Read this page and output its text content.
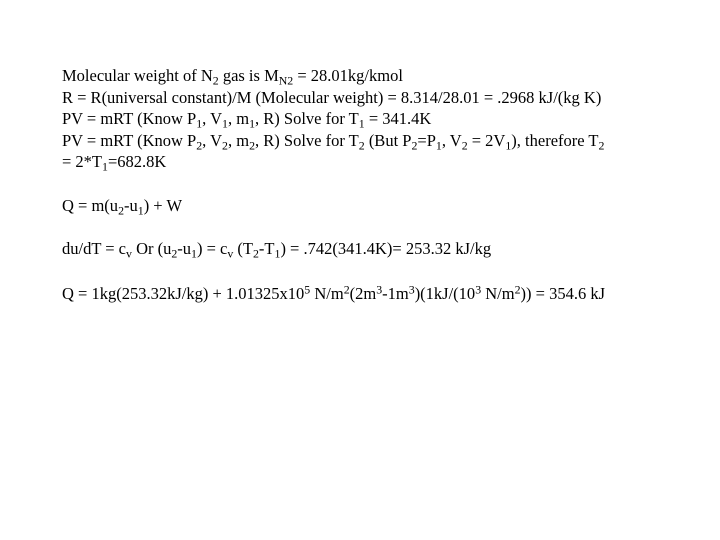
Molecular weight of $N_2$ gas is $M_{N2}$ = 28.01kg/kmol
R = R(universal constant)/M (Molecular weight) = 8.314/28.01 = .2968 kJ/(kg K)
PV = mRT (Know $P_1$, $V_1$, $m_1$, R) Solve for $T_1 = 341.4K$
PV = mRT (Know $P_2$, $V_2$, $m_2$, R) Solve for $T_2$ (But $P_2=P_1$, $V_2 = 2V_1$), therefore $T_2$
= $2*T_1=682.8K$
$Q = m(u_2-u_1) + W$
$du/dT = c_v$ Or $(u_2-u_1) = c_v$ $(T_2-T_1) = .742(341.4K)= 253.32$ kJ/kg
$Q = 1kg(253.32kJ/kg) + 1.01325x10^5$ $N/m^2(2m^3-1m^3)(1kJ/(10^3$ $N/m^2)) = 354.6$ kJ
